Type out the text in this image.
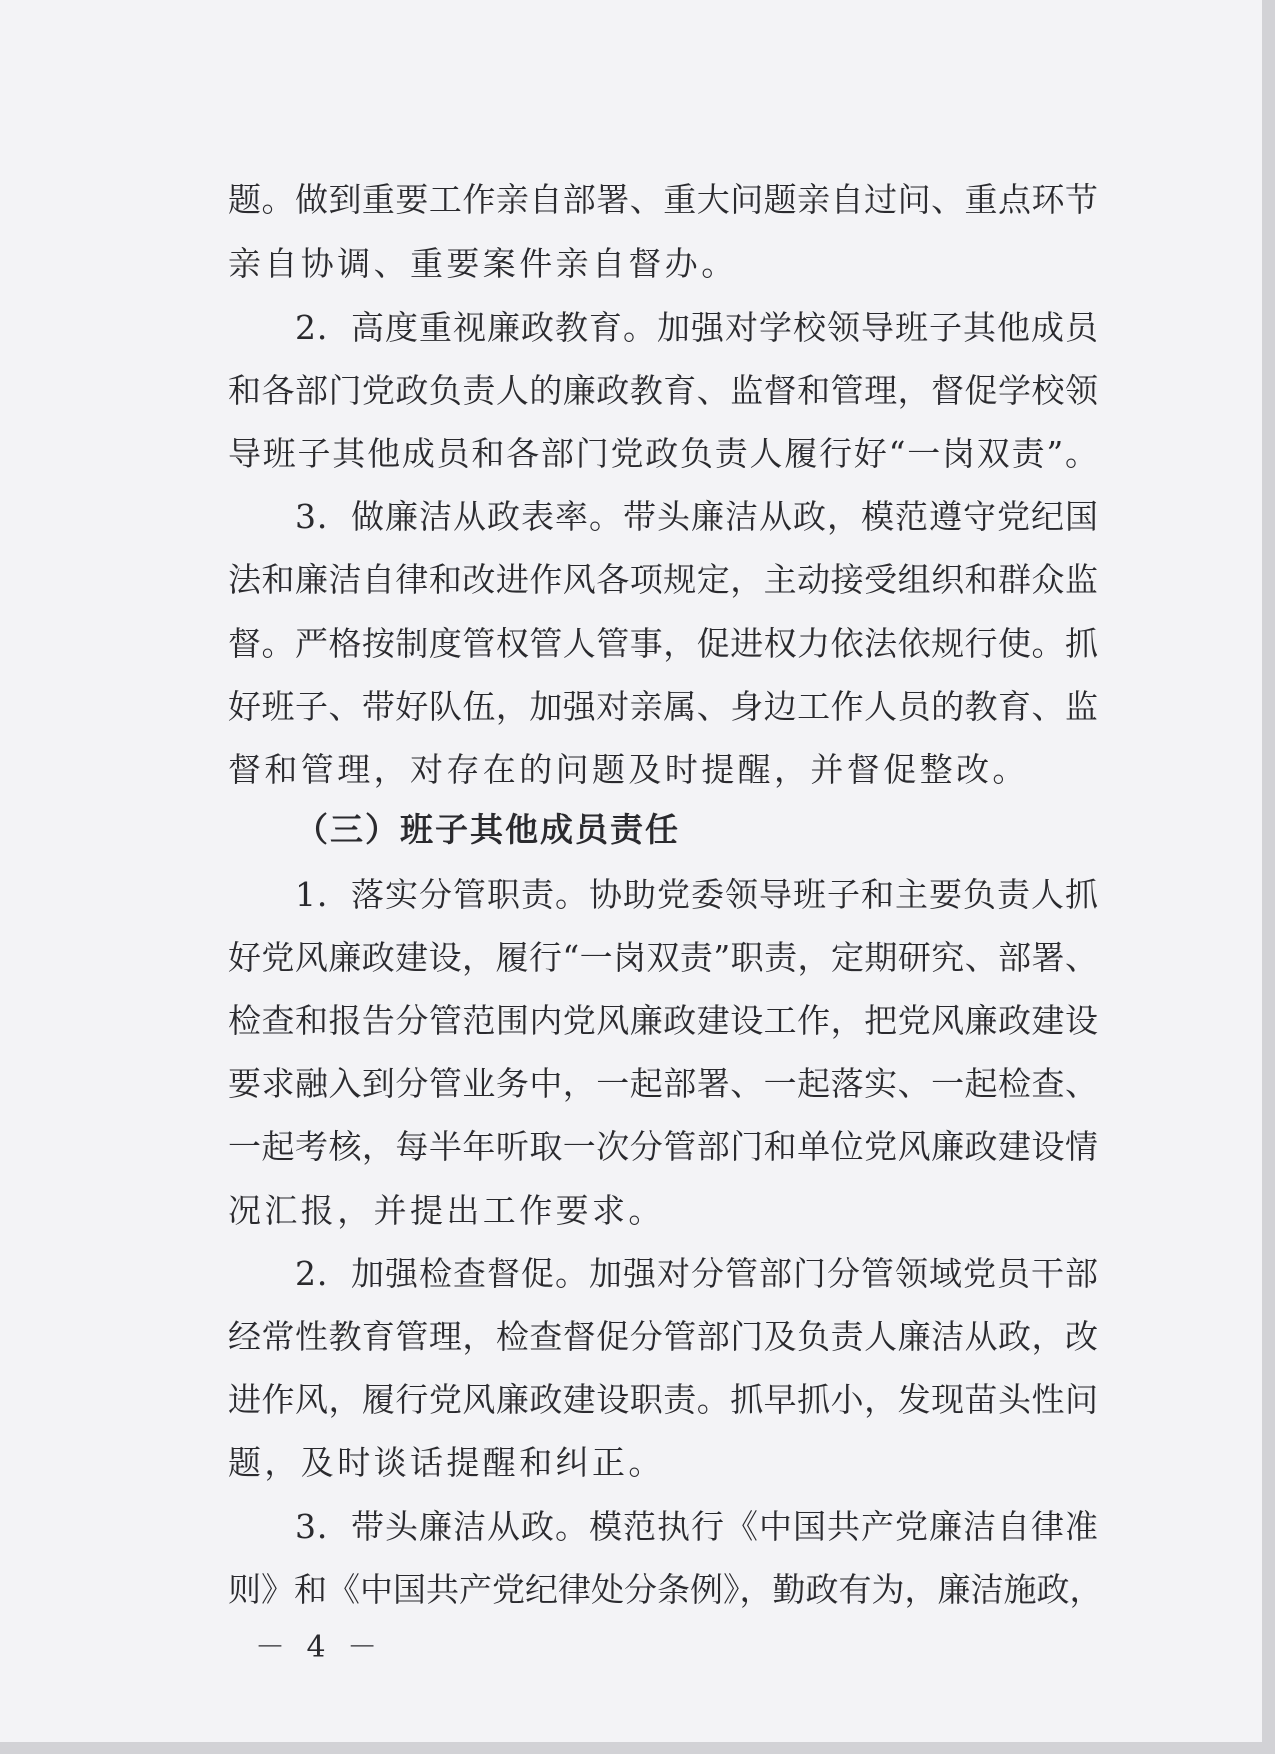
题。做到重要工作亲自部署、重大问题亲自过问、重点环节
亲自协调、重要案件亲自督办。
2．高度重视廉政教育。加强对学校领导班子其他成员
和各部门党政负责人的廉政教育、监督和管理，督促学校领
导班子其他成员和各部门党政负责人履行好“一岗双责”。
3．做廉洁从政表率。带头廉洁从政，模范遵守党纪国
法和廉洁自律和改进作风各项规定，主动接受组织和群众监
督。严格按制度管权管人管事，促进权力依法依规行使。抓
好班子、带好队伍，加强对亲属、身边工作人员的教育、监
督和管理，对存在的问题及时提醒，并督促整改。
（三）班子其他成员责任
1．落实分管职责。协助党委领导班子和主要负责人抓
好党风廉政建设，履行“一岗双责”职责，定期研究、部署、
检查和报告分管范围内党风廉政建设工作，把党风廉政建设
要求融入到分管业务中，一起部署、一起落实、一起检查、
一起考核，每半年听取一次分管部门和单位党风廉政建设情
况汇报，并提出工作要求。
2．加强检查督促。加强对分管部门分管领域党员干部
经常性教育管理，检查督促分管部门及负责人廉洁从政，改
进作风，履行党风廉政建设职责。抓早抓小，发现苗头性问
题，及时谈话提醒和纠正。
3．带头廉洁从政。模范执行《中国共产党廉洁自律准
则》和《中国共产党纪律处分条例》，勤政有为，廉洁施政，
－ 4 －
